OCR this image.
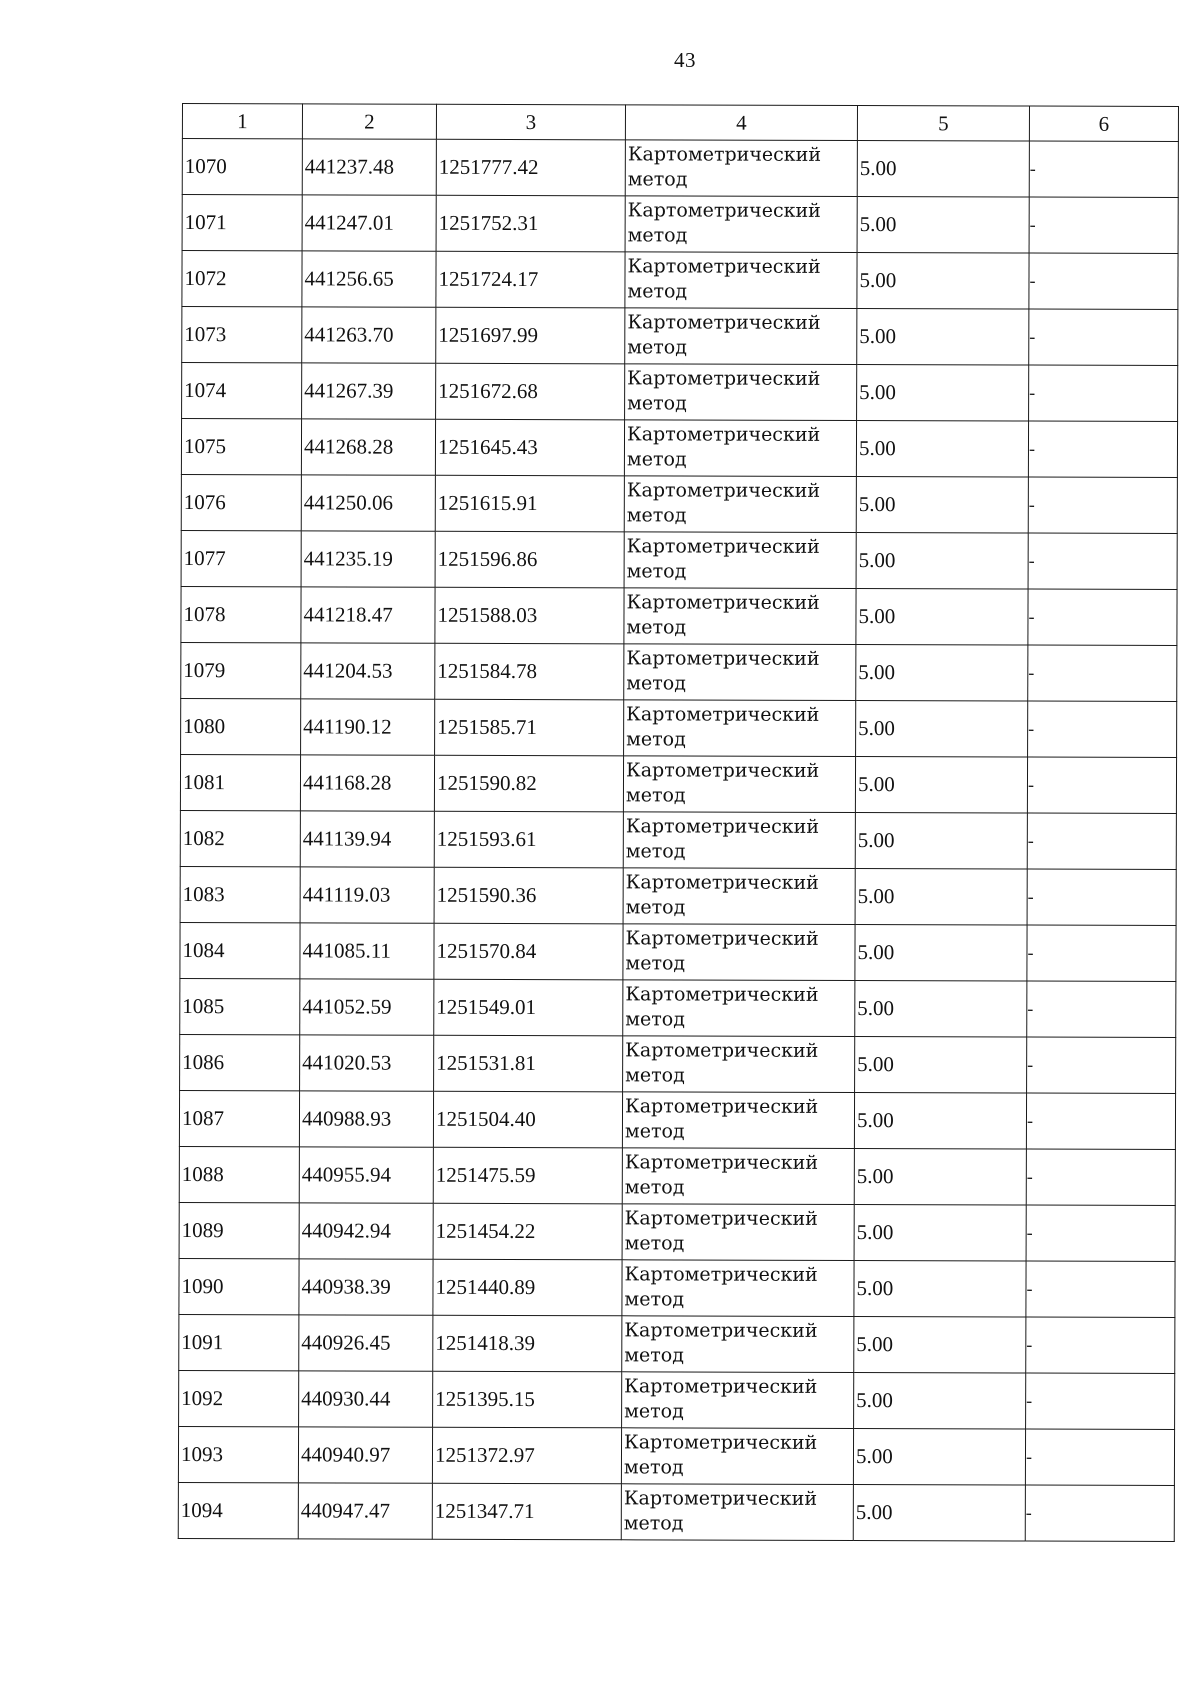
43
1	2	3	4	5	6
1070	441237.48	1251777.42	Картометрический
метод	5.00	-
1071	441247.01	1251752.31	Картометрический
метод	5.00	-
1072	441256.65	1251724.17	Картометрический
метод	5.00	-
1073	441263.70	1251697.99	Картометрический
метод	5.00	-
1074	441267.39	1251672.68	Картометрический
метод	5.00	-
1075	441268.28	1251645.43	Картометрический
метод	5.00	-
1076	441250.06	1251615.91	Картометрический
метод	5.00	-
1077	441235.19	1251596.86	Картометрический
метод	5.00	-
1078	441218.47	1251588.03	Картометрический
метод	5.00	-
1079	441204.53	1251584.78	Картометрический
метод	5.00	-
1080	441190.12	1251585.71	Картометрический
метод	5.00	-
1081	441168.28	1251590.82	Картометрический
метод	5.00	-
1082	441139.94	1251593.61	Картометрический
метод	5.00	-
1083	441119.03	1251590.36	Картометрический
метод	5.00	-
1084	441085.11	1251570.84	Картометрический
метод	5.00	-
1085	441052.59	1251549.01	Картометрический
метод	5.00	-
1086	441020.53	1251531.81	Картометрический
метод	5.00	-
1087	440988.93	1251504.40	Картометрический
метод	5.00	-
1088	440955.94	1251475.59	Картометрический
метод	5.00	-
1089	440942.94	1251454.22	Картометрический
метод	5.00	-
1090	440938.39	1251440.89	Картометрический
метод	5.00	-
1091	440926.45	1251418.39	Картометрический
метод	5.00	-
1092	440930.44	1251395.15	Картометрический
метод	5.00	-
1093	440940.97	1251372.97	Картометрический
метод	5.00	-
1094	440947.47	1251347.71	Картометрический
метод	5.00	-
